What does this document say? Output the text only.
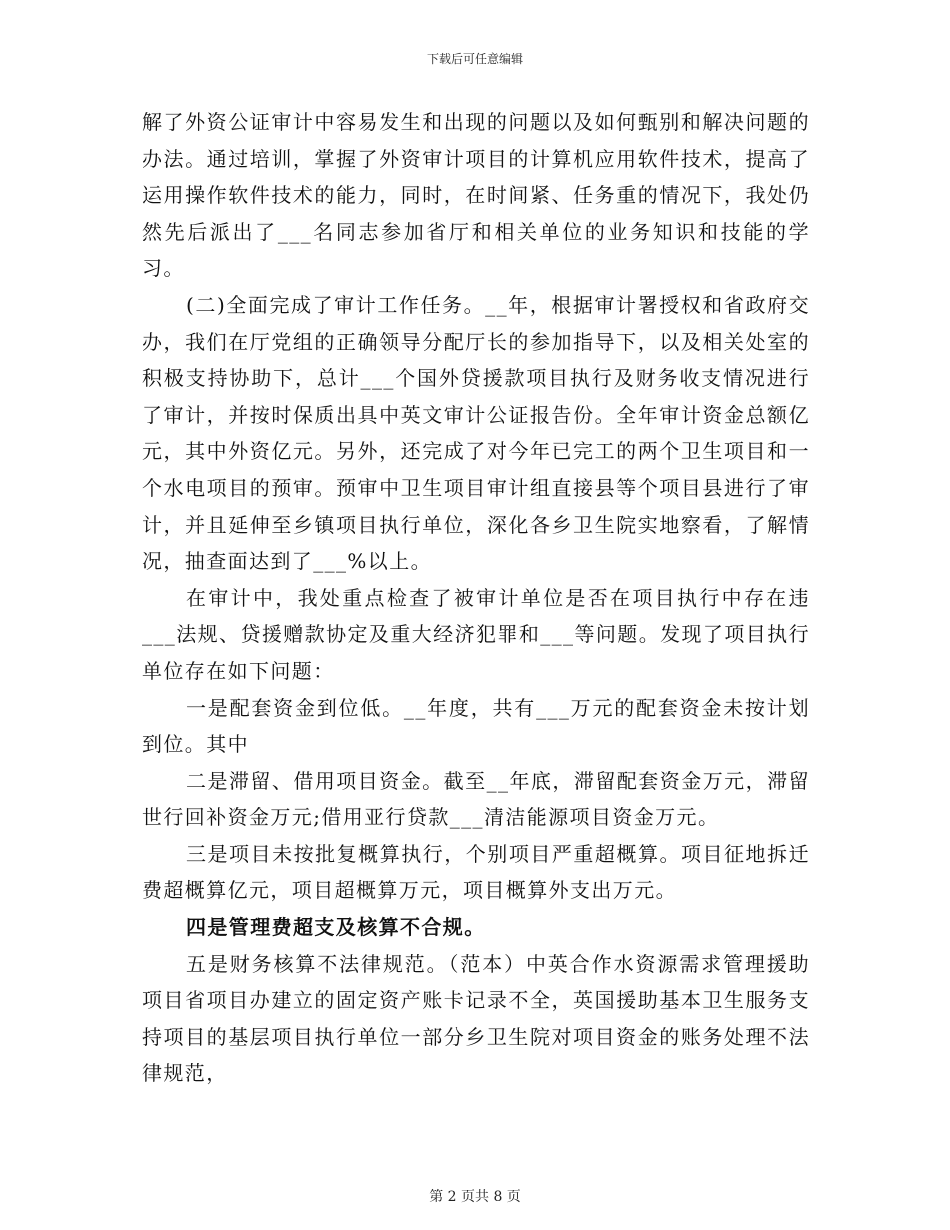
下载后可任意编辑

解了外资公证审计中容易发生和出现的问题以及如何甄别和解决问题的办法。通过培训，掌握了外资审计项目的计算机应用软件技术，提高了运用操作软件技术的能力，同时，在时间紧、任务重的情况下，我处仍然先后派出了___名同志参加省厅和相关单位的业务知识和技能的学习。

(二)全面完成了审计工作任务。__年，根据审计署授权和省政府交办，我们在厅党组的正确领导分配厅长的参加指导下，以及相关处室的积极支持协助下，总计___个国外贷援款项目执行及财务收支情况进行了审计，并按时保质出具中英文审计公证报告份。全年审计资金总额亿元，其中外资亿元。另外，还完成了对今年已完工的两个卫生项目和一个水电项目的预审。预审中卫生项目审计组直接县等个项目县进行了审计，并且延伸至乡镇项目执行单位，深化各乡卫生院实地察看，了解情况，抽查面达到了___%以上。

在审计中，我处重点检查了被审计单位是否在项目执行中存在违___法规、贷援赠款协定及重大经济犯罪和___等问题。发现了项目执行单位存在如下问题：

一是配套资金到位低。__年度，共有___万元的配套资金未按计划到位。其中

二是滞留、借用项目资金。截至__年底，滞留配套资金万元，滞留世行回补资金万元;借用亚行贷款___清洁能源项目资金万元。

三是项目未按批复概算执行，个别项目严重超概算。项目征地拆迁费超概算亿元，项目超概算万元，项目概算外支出万元。

四是管理费超支及核算不合规。

五是财务核算不法律规范。（范本）中英合作水资源需求管理援助项目省项目办建立的固定资产账卡记录不全，英国援助基本卫生服务支持项目的基层项目执行单位一部分乡卫生院对项目资金的账务处理不法律规范，

第 2 页共 8 页
